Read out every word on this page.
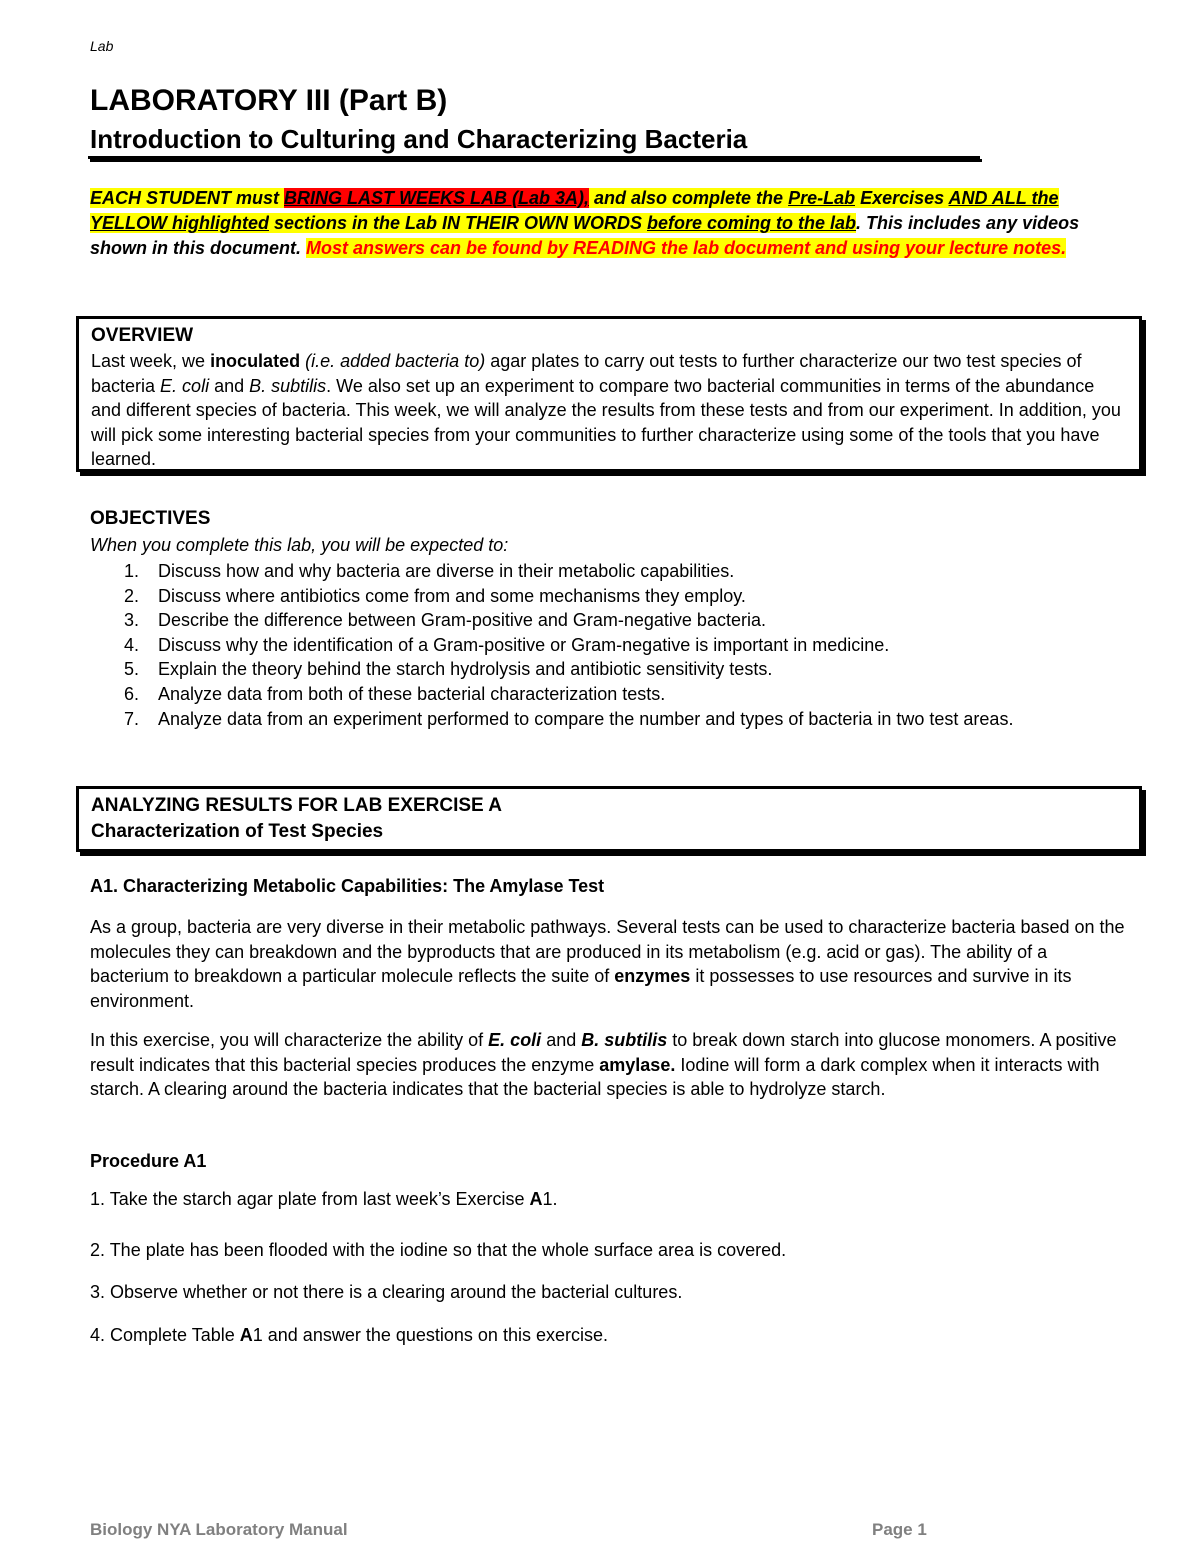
Lab
LABORATORY III (Part B)
Introduction to Culturing and Characterizing Bacteria
EACH STUDENT must BRING LAST WEEKS LAB (Lab 3A), and also complete the Pre-Lab Exercises AND ALL the YELLOW highlighted sections in the Lab IN THEIR OWN WORDS before coming to the lab. This includes any videos shown in this document. Most answers can be found by READING the lab document and using your lecture notes.
OVERVIEW
Last week, we inoculated (i.e. added bacteria to) agar plates to carry out tests to further characterize our two test species of bacteria E. coli and B. subtilis. We also set up an experiment to compare two bacterial communities in terms of the abundance and different species of bacteria. This week, we will analyze the results from these tests and from our experiment. In addition, you will pick some interesting bacterial species from your communities to further characterize using some of the tools that you have learned.
OBJECTIVES
When you complete this lab, you will be expected to:
1. Discuss how and why bacteria are diverse in their metabolic capabilities.
2. Discuss where antibiotics come from and some mechanisms they employ.
3. Describe the difference between Gram-positive and Gram-negative bacteria.
4. Discuss why the identification of a Gram-positive or Gram-negative is important in medicine.
5. Explain the theory behind the starch hydrolysis and antibiotic sensitivity tests.
6. Analyze data from both of these bacterial characterization tests.
7. Analyze data from an experiment performed to compare the number and types of bacteria in two test areas.
ANALYZING RESULTS FOR LAB EXERCISE A
Characterization of Test Species
A1. Characterizing Metabolic Capabilities: The Amylase Test

As a group, bacteria are very diverse in their metabolic pathways. Several tests can be used to characterize bacteria based on the molecules they can breakdown and the byproducts that are produced in its metabolism (e.g. acid or gas). The ability of a bacterium to breakdown a particular molecule reflects the suite of enzymes it possesses to use resources and survive in its environment.

In this exercise, you will characterize the ability of E. coli and B. subtilis to break down starch into glucose monomers. A positive result indicates that this bacterial species produces the enzyme amylase. Iodine will form a dark complex when it interacts with starch. A clearing around the bacteria indicates that the bacterial species is able to hydrolyze starch.

Procedure A1
1. Take the starch agar plate from last week’s Exercise A1.
2. The plate has been flooded with the iodine so that the whole surface area is covered.
3. Observe whether or not there is a clearing around the bacterial cultures.
4. Complete Table A1 and answer the questions on this exercise.
Biology NYA Laboratory Manual	Page 1
